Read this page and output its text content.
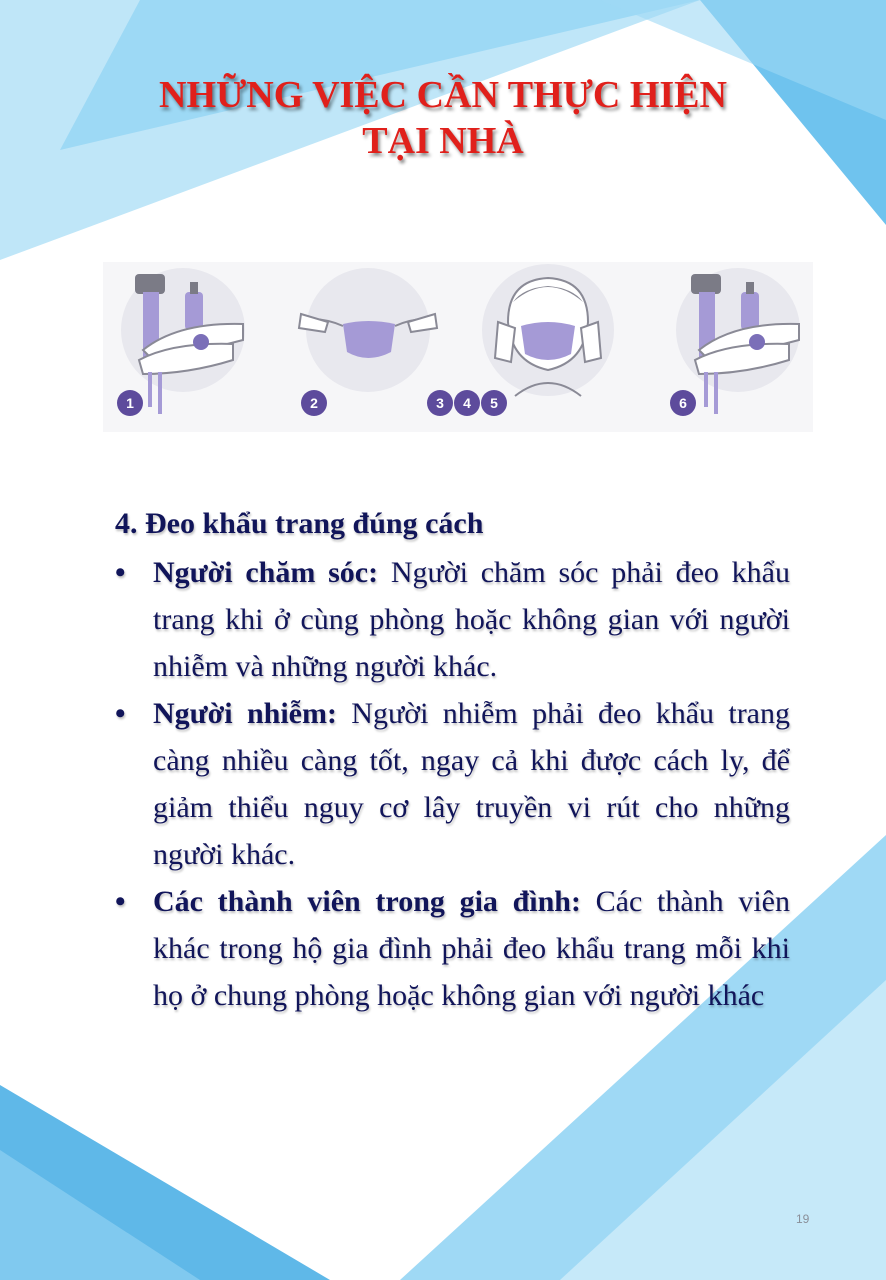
NHỮNG VIỆC CẦN THỰC HIỆN
TẠI NHÀ
1	2	3	4	5	6
4. Đeo khẩu trang đúng cách
• Người chăm sóc: Người chăm sóc phải đeo khẩu trang khi ở cùng phòng hoặc không gian với người nhiễm và những người khác.
• Người nhiễm: Người nhiễm phải đeo khẩu trang càng nhiều càng tốt, ngay cả khi được cách ly, để giảm thiểu nguy cơ lây truyền vi rút cho những người khác.
• Các thành viên trong gia đình: Các thành viên khác trong hộ gia đình phải đeo khẩu trang mỗi khi họ ở chung phòng hoặc không gian với người khác
19
